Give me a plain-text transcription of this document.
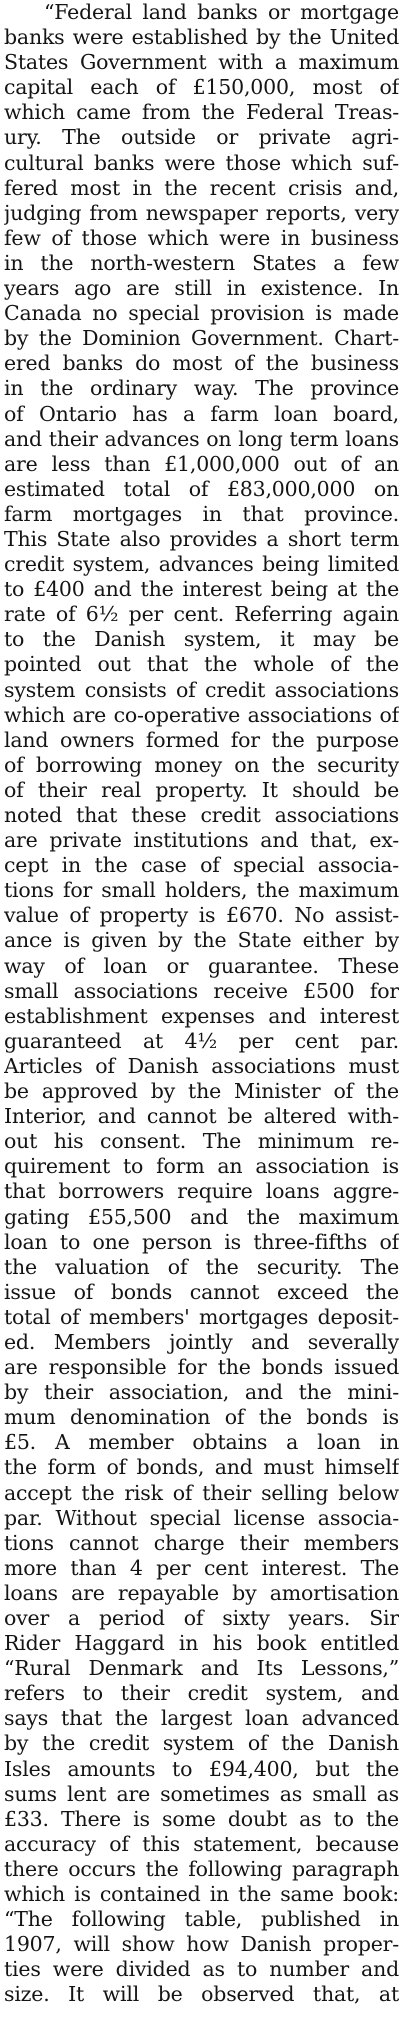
“Federal land banks or mortgage
banks were established by the United
States Government with a maximum
capital each of £150,000, most of
which came from the Federal Treas-
ury. The outside or private agri-
cultural banks were those which suf-
fered most in the recent crisis and,
judging from newspaper reports, very
few of those which were in business
in the north-western States a few
years ago are still in existence. In
Canada no special provision is made
by the Dominion Government. Chart-
ered banks do most of the business
in the ordinary way. The province
of Ontario has a farm loan board,
and their advances on long term loans
are less than £1,000,000 out of an
estimated total of £83,000,000 on
farm mortgages in that province.
This State also provides a short term
credit system, advances being limited
to £400 and the interest being at the
rate of 6½ per cent. Referring again
to the Danish system, it may be
pointed out that the whole of the
system consists of credit associations
which are co-operative associations of
land owners formed for the purpose
of borrowing money on the security
of their real property. It should be
noted that these credit associations
are private institutions and that, ex-
cept in the case of special associa-
tions for small holders, the maximum
value of property is £670. No assist-
ance is given by the State either by
way of loan or guarantee. These
small associations receive £500 for
establishment expenses and interest
guaranteed at 4½ per cent par.
Articles of Danish associations must
be approved by the Minister of the
Interior, and cannot be altered with-
out his consent. The minimum re-
quirement to form an association is
that borrowers require loans aggre-
gating £55,500 and the maximum
loan to one person is three-fifths of
the valuation of the security. The
issue of bonds cannot exceed the
total of members' mortgages deposit-
ed. Members jointly and severally
are responsible for the bonds issued
by their association, and the mini-
mum denomination of the bonds is
£5. A member obtains a loan in
the form of bonds, and must himself
accept the risk of their selling below
par. Without special license associa-
tions cannot charge their members
more than 4 per cent interest. The
loans are repayable by amortisation
over a period of sixty years. Sir
Rider Haggard in his book entitled
“Rural Denmark and Its Lessons,”
refers to their credit system, and
says that the largest loan advanced
by the credit system of the Danish
Isles amounts to £94,400, but the
sums lent are sometimes as small as
£33. There is some doubt as to the
accuracy of this statement, because
there occurs the following paragraph
which is contained in the same book:
“The following table, published in
1907, will show how Danish proper-
ties were divided as to number and
size. It will be observed that, at
